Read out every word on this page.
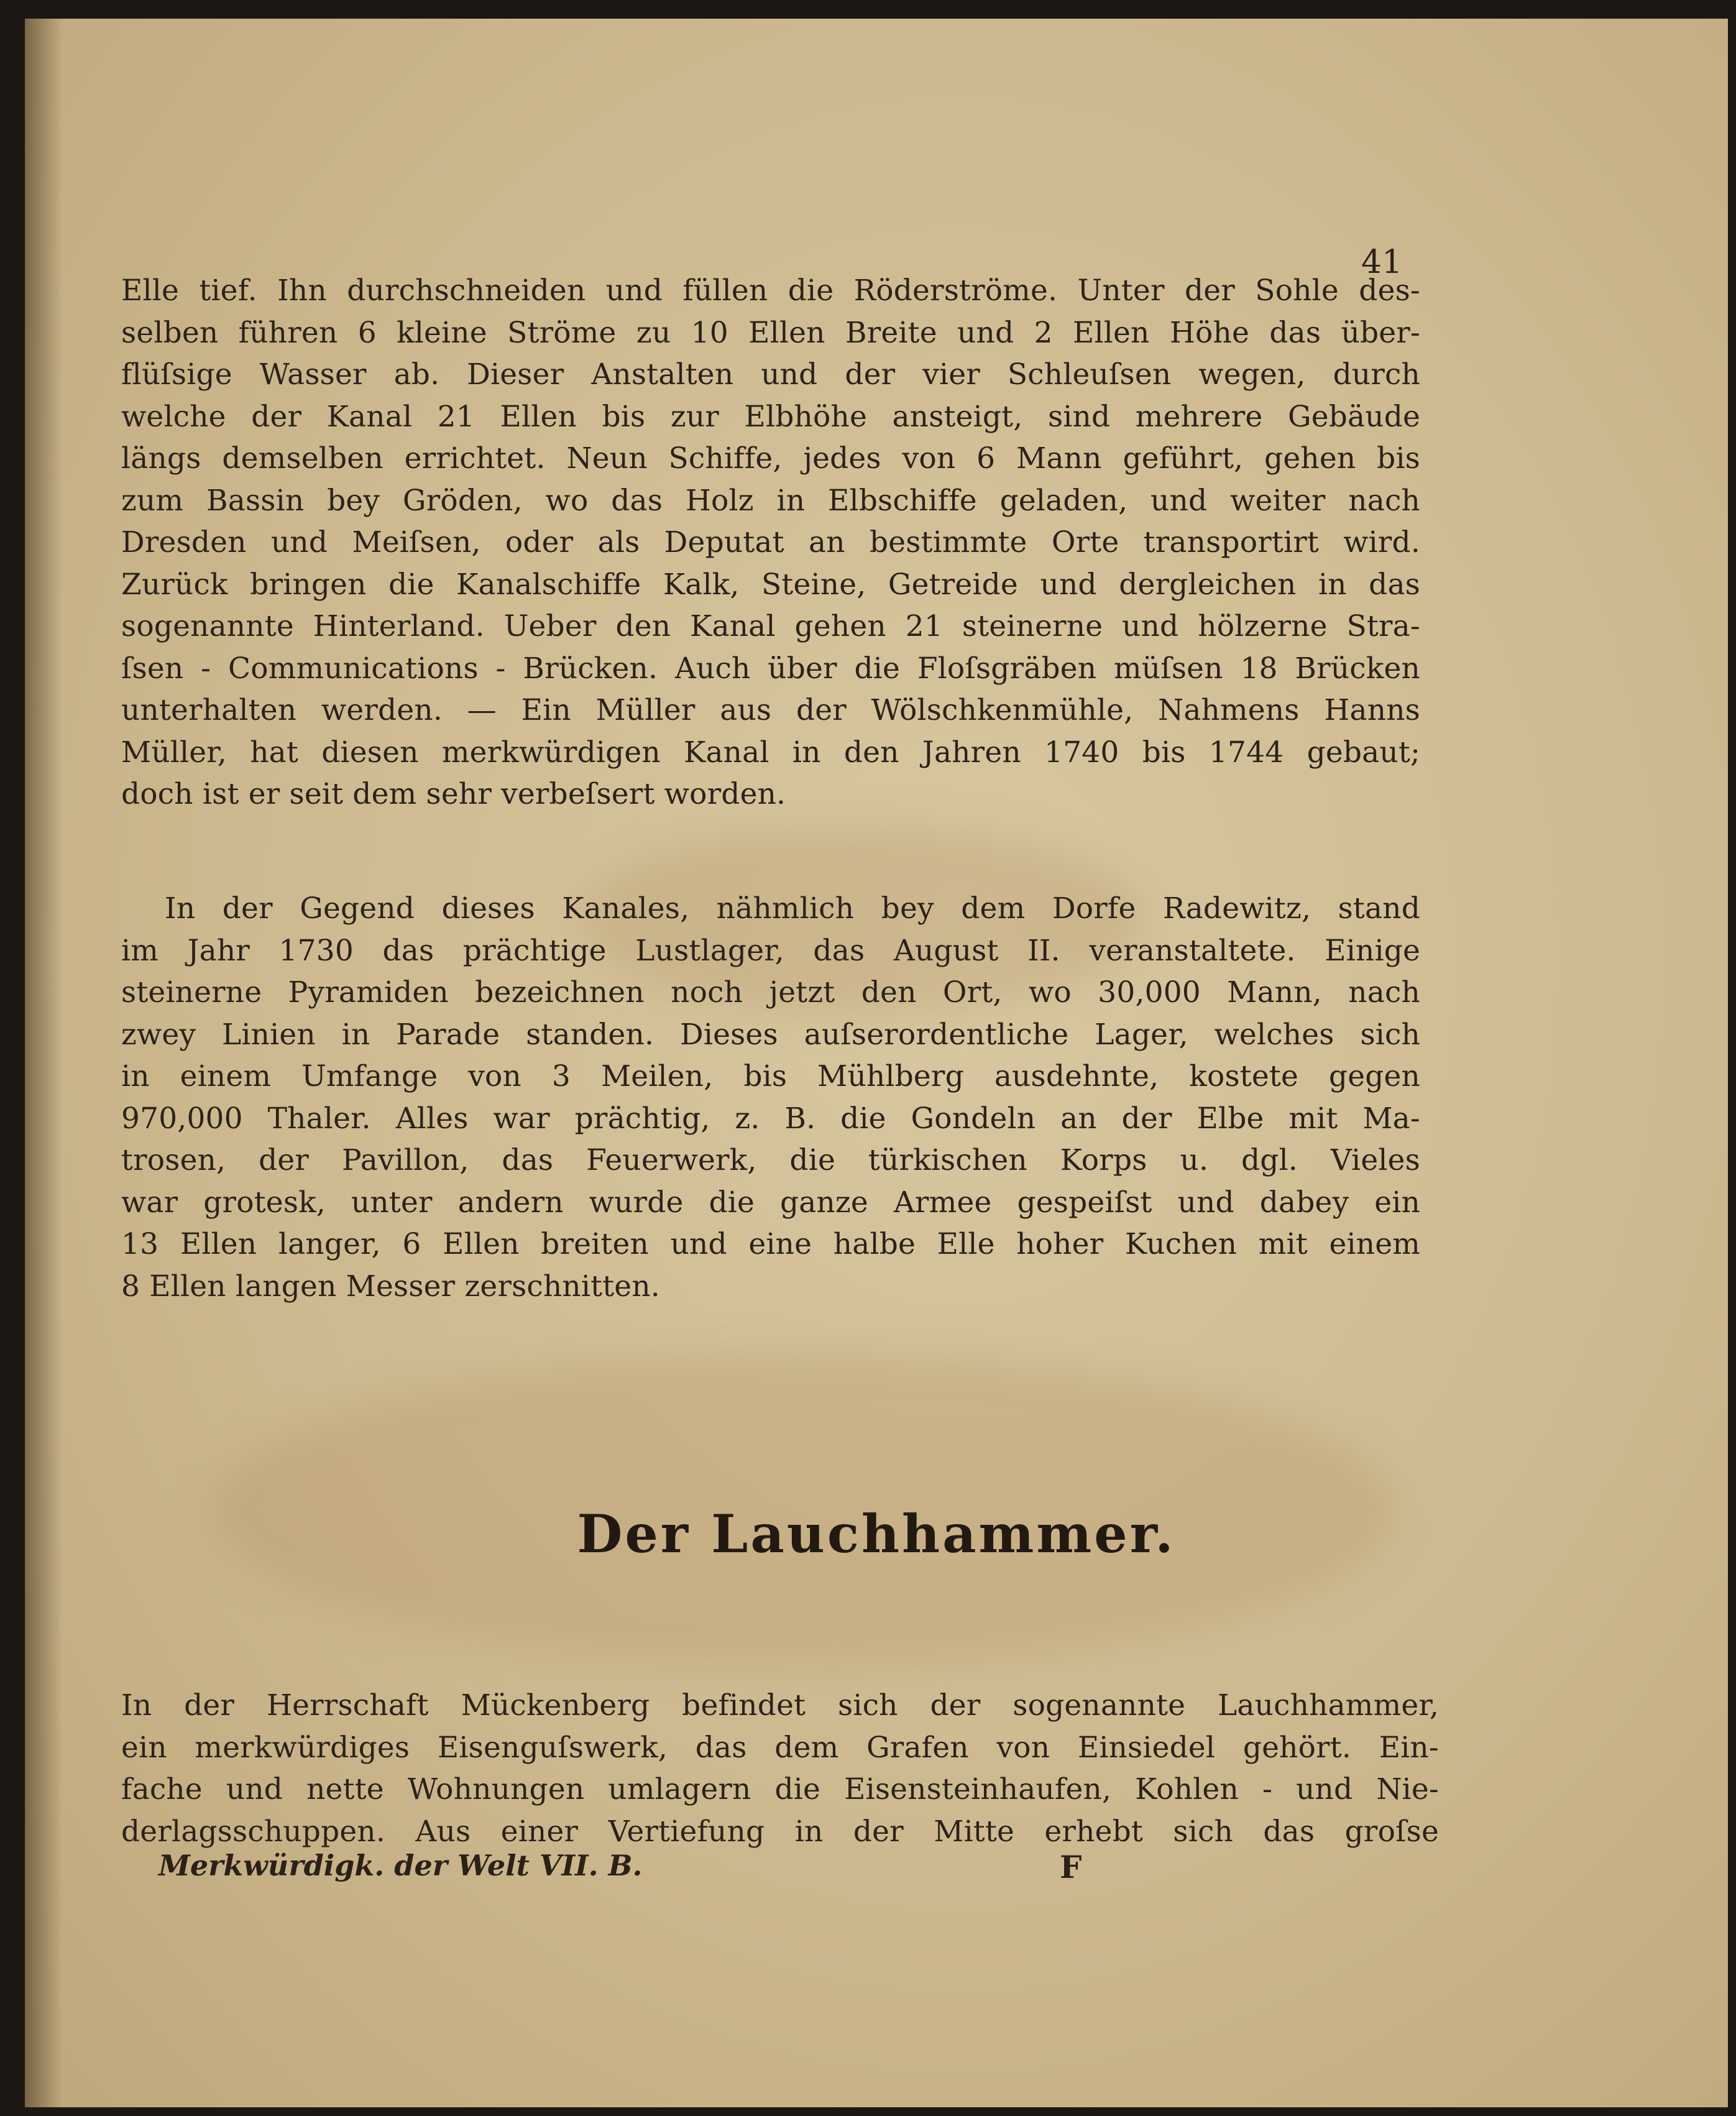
41
Elle tief. Ihn durchschneiden und füllen die Röderströme. Unter der Sohle des-
selben führen 6 kleine Ströme zu 10 Ellen Breite und 2 Ellen Höhe das über-
flüſsige Wasser ab. Dieser Anstalten und der vier Schleuſsen wegen, durch
welche der Kanal 21 Ellen bis zur Elbhöhe ansteigt, sind mehrere Gebäude
längs demselben errichtet. Neun Schiffe, jedes von 6 Mann geführt, gehen bis
zum Bassin bey Gröden, wo das Holz in Elbschiffe geladen, und weiter nach
Dresden und Meiſsen, oder als Deputat an bestimmte Orte transportirt wird.
Zurück bringen die Kanalschiffe Kalk, Steine, Getreide und dergleichen in das
sogenannte Hinterland. Ueber den Kanal gehen 21 steinerne und hölzerne Stra-
ſsen - Communications - Brücken. Auch über die Floſsgräben müſsen 18 Brücken
unterhalten werden. — Ein Müller aus der Wölschkenmühle, Nahmens Hanns
Müller, hat diesen merkwürdigen Kanal in den Jahren 1740 bis 1744 gebaut;
doch ist er seit dem sehr verbeſsert worden.
In der Gegend dieses Kanales, nähmlich bey dem Dorfe Radewitz, stand
im Jahr 1730 das prächtige Lustlager, das August II. veranstaltete. Einige
steinerne Pyramiden bezeichnen noch jetzt den Ort, wo 30,000 Mann, nach
zwey Linien in Parade standen. Dieses auſserordentliche Lager, welches sich
in einem Umfange von 3 Meilen, bis Mühlberg ausdehnte, kostete gegen
970,000 Thaler. Alles war prächtig, z. B. die Gondeln an der Elbe mit Ma-
trosen, der Pavillon, das Feuerwerk, die türkischen Korps u. dgl. Vieles
war grotesk, unter andern wurde die ganze Armee gespeiſst und dabey ein
13 Ellen langer, 6 Ellen breiten und eine halbe Elle hoher Kuchen mit einem
8 Ellen langen Messer zerschnitten.
Der Lauchhammer.
In der Herrschaft Mückenberg befindet sich der sogenannte Lauchhammer,
ein merkwürdiges Eisenguſswerk, das dem Grafen von Einsiedel gehört. Ein-
fache und nette Wohnungen umlagern die Eisensteinhaufen, Kohlen - und Nie-
derlagsschuppen. Aus einer Vertiefung in der Mitte erhebt sich das groſse
Merkwürdigk. der Welt VII. B.	F
